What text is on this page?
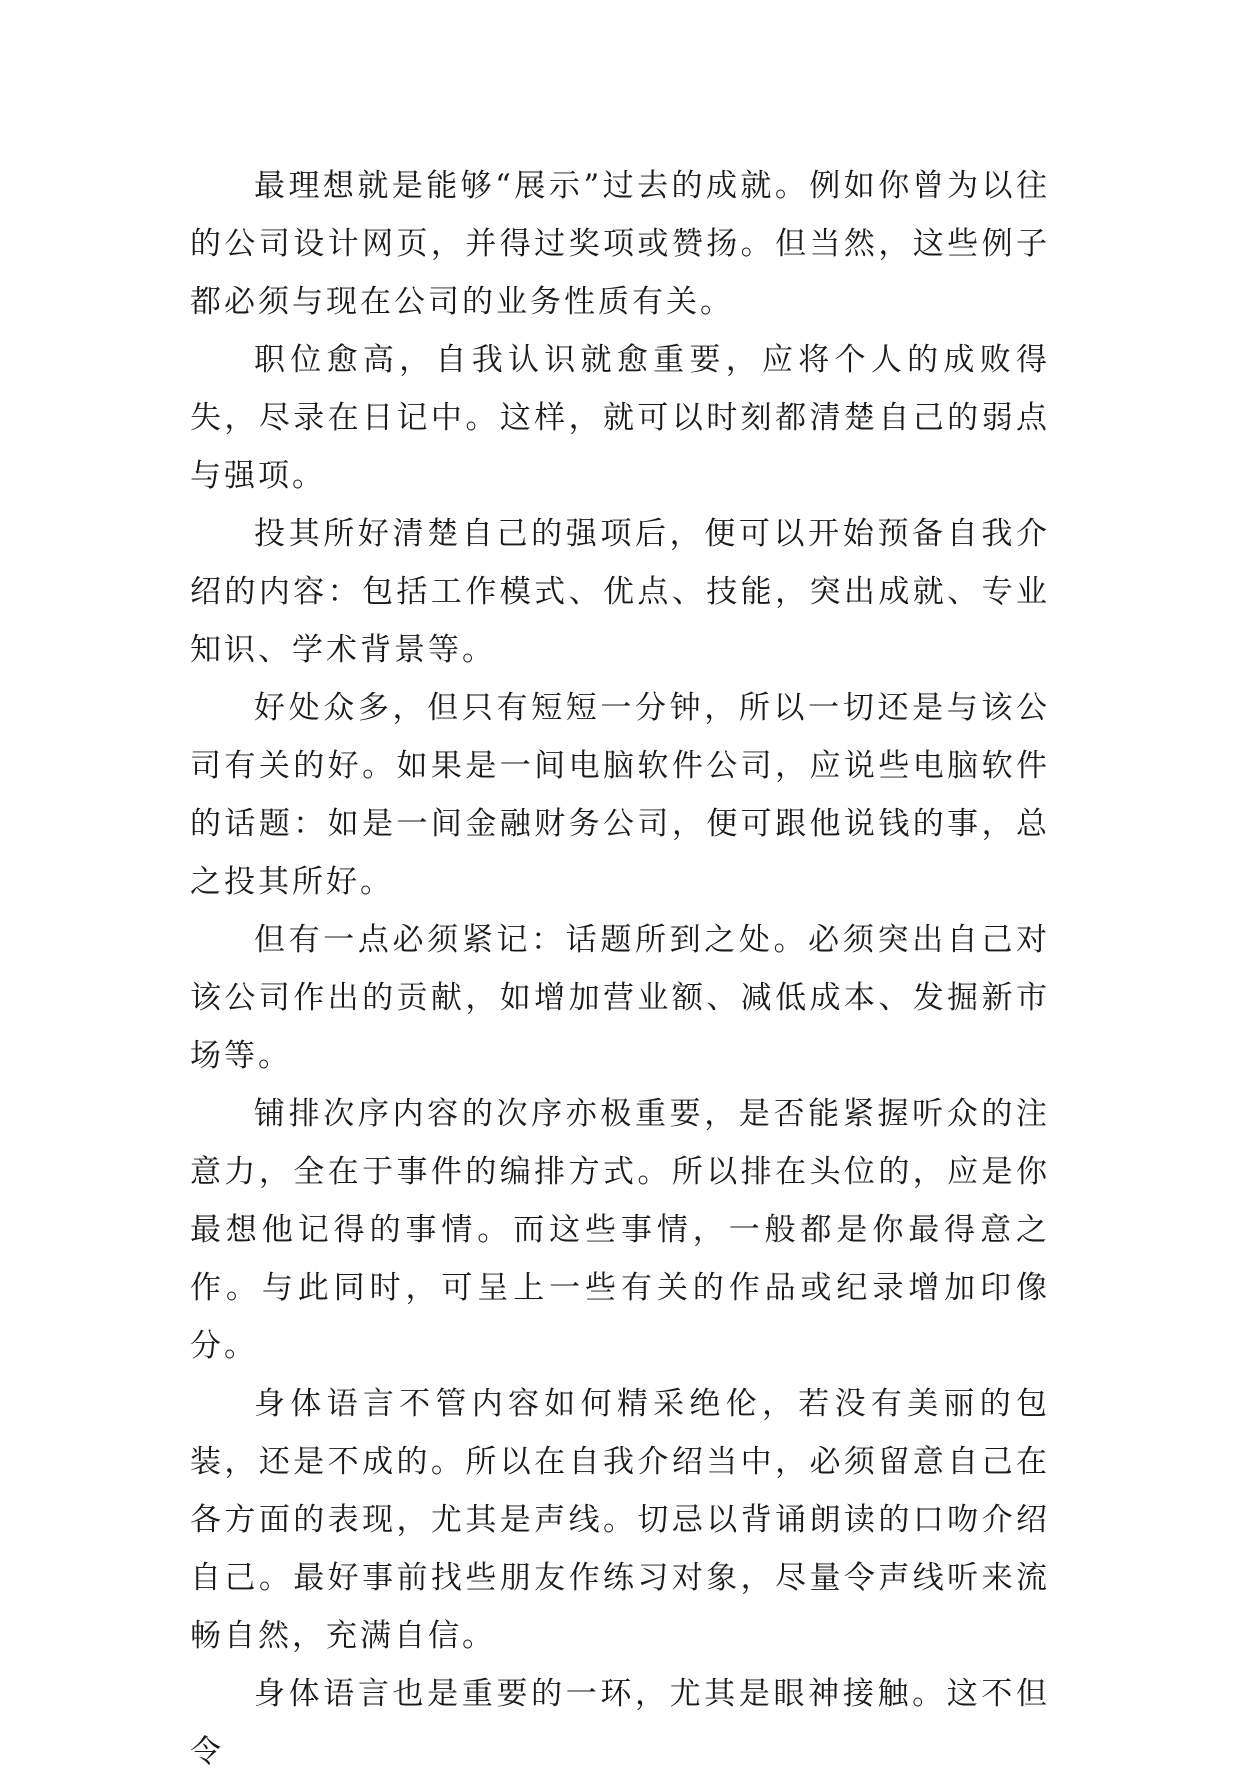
最理想就是能够“展示”过去的成就。例如你曾为以往的公司设计网页，并得过奖项或赞扬。但当然，这些例子都必须与现在公司的业务性质有关。

职位愈高，自我认识就愈重要，应将个人的成败得失，尽录在日记中。这样，就可以时刻都清楚自己的弱点与强项。

投其所好清楚自己的强项后，便可以开始预备自我介绍的内容：包括工作模式、优点、技能，突出成就、专业知识、学术背景等。

好处众多，但只有短短一分钟，所以一切还是与该公司有关的好。如果是一间电脑软件公司，应说些电脑软件的话题：如是一间金融财务公司，便可跟他说钱的事，总之投其所好。

但有一点必须紧记：话题所到之处。必须突出自己对该公司作出的贡献，如增加营业额、减低成本、发掘新市场等。

铺排次序内容的次序亦极重要，是否能紧握听众的注意力，全在于事件的编排方式。所以排在头位的，应是你最想他记得的事情。而这些事情，一般都是你最得意之作。与此同时，可呈上一些有关的作品或纪录增加印像分。

身体语言不管内容如何精采绝伦，若没有美丽的包装，还是不成的。所以在自我介绍当中，必须留意自己在各方面的表现，尤其是声线。切忌以背诵朗读的口吻介绍自己。最好事前找些朋友作练习对象，尽量令声线听来流畅自然，充满自信。

身体语言也是重要的一环，尤其是眼神接触。这不但令
